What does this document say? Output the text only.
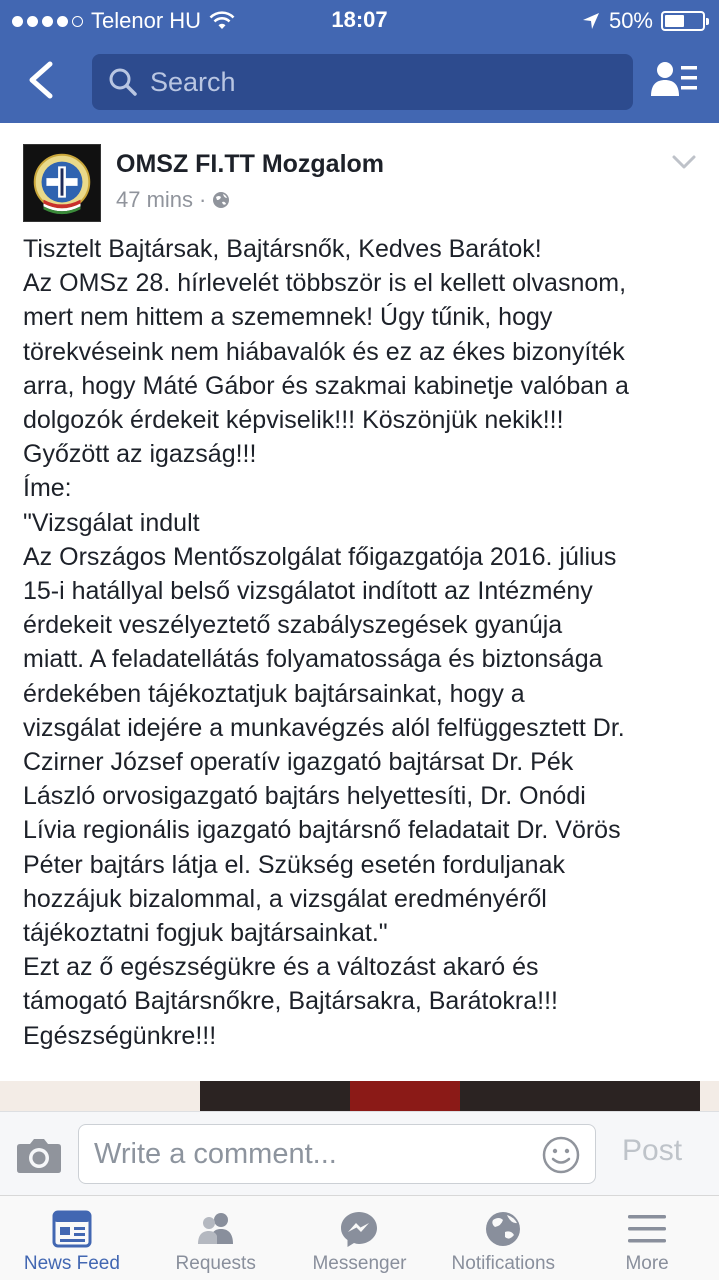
Telenor HU	18:07	50%
Search
OMSZ FI.TT Mozgalom
47 mins ·
Tisztelt Bajtársak, Bajtársnők, Kedves Barátok!
Az OMSz 28. hírlevelét többször is el kellett olvasnom,
mert nem hittem a szememnek! Úgy tűnik, hogy
törekvéseink nem hiábavalók és ez az ékes bizonyíték
arra, hogy Máté Gábor és szakmai kabinetje valóban a
dolgozók érdekeit képviselik!!! Köszönjük nekik!!!
Győzött az igazság!!!
Íme:
"Vizsgálat indult
Az Országos Mentőszolgálat főigazgatója 2016. július
15-i hatállyal belső vizsgálatot indított az Intézmény
érdekeit veszélyeztető szabályszegések gyanúja
miatt. A feladatellátás folyamatossága és biztonsága
érdekében tájékoztatjuk bajtársainkat, hogy a
vizsgálat idejére a munkavégzés alól felfüggesztett Dr.
Czirner József operatív igazgató bajtársat Dr. Pék
László orvosigazgató bajtárs helyettesíti, Dr. Onódi
Lívia regionális igazgató bajtársnő feladatait Dr. Vörös
Péter bajtárs látja el. Szükség esetén forduljanak
hozzájuk bizalommal, a vizsgálat eredményéről
tájékoztatni fogjuk bajtársainkat."
Ezt az ő egészségükre és a változást akaró és
támogató Bajtársnőkre, Bajtársakra, Barátokra!!!
Egészségünkre!!!
Write a comment...
Post
News Feed	Requests	Messenger	Notifications	More
